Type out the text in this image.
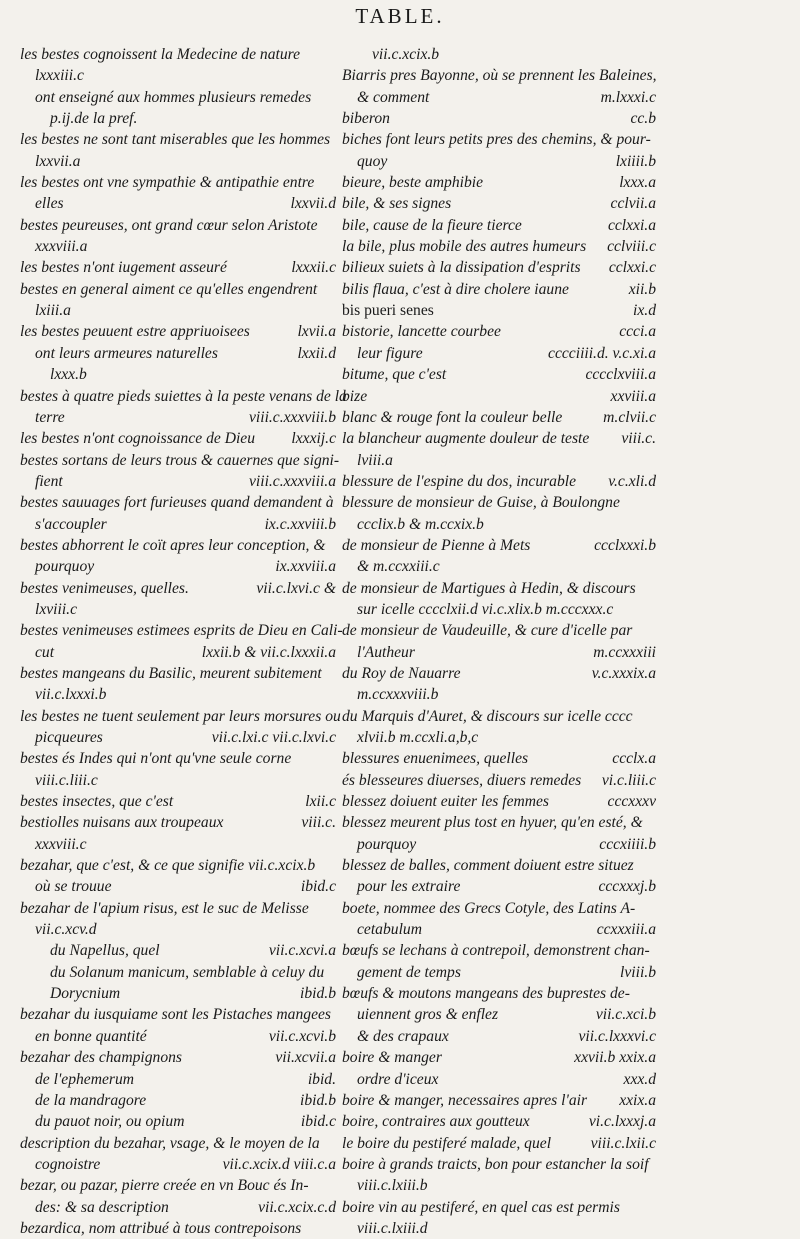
TABLE.
les bestes cognoissent la Medecine de nature
lxxxiii.c
ont enseigné aux hommes plusieurs remedes
p.ij.de la pref.
les bestes ne sont tant miserables que les hommes
lxxvii.a
les bestes ont vne sympathie & antipathie entre
elles	lxxvii.d
bestes peureuses, ont grand cœur selon Aristote
xxxviii.a
les bestes n'ont iugement asseuré	lxxxii.c
bestes en general aiment ce qu'elles engendrent
lxiii.a
les bestes peuuent estre appriuoisees	lxvii.a
ont leurs armeures naturelles	lxxii.d
lxxx.b
bestes à quatre pieds suiettes à la peste venans de la
terre	viii.c.xxxviii.b
les bestes n'ont cognoissance de Dieu lxxxij.c
bestes sortans de leurs trous & cauernes que signi-
fient	viii.c.xxxviii.a
bestes sauuages fort furieuses quand demandent à
s'accoupler	ix.c.xxviii.b
bestes abhorrent le coït apres leur conception, &
pourquoy	ix.xxviii.a
bestes venimeuses, quelles.	vii.c.lxvi.c &
lxviii.c
bestes venimeuses estimees esprits de Dieu en Cali-
cut	lxxii.b & vii.c.lxxxii.a
bestes mangeans du Basilic, meurent subitement
vii.c.lxxxi.b
les bestes ne tuent seulement par leurs morsures ou
picqueures	vii.c.lxi.c vii.c.lxvi.c
bestes és Indes qui n'ont qu'vne seule corne
viii.c.liii.c
bestes insectes, que c'est	lxii.c
bestiolles nuisans aux troupeaux	viii.c.
xxxviii.c
bezahar, que c'est, & ce que signifie vii.c.xcix.b
où se trouue	ibid.c
bezahar de l'apium risus, est le suc de Melisse
vii.c.xcv.d
du Napellus, quel	vii.c.xcvi.a
du Solanum manicum, semblable à celuy du
Dorycnium	ibid.b
bezahar du iusquiame sont les Pistaches mangees
en bonne quantité	vii.c.xcvi.b
bezahar des champignons	vii.xcvii.a
de l'ephemerum	ibid.
de la mandragore	ibid.b
du pauot noir, ou opium	ibid.c
description du bezahar, vsage, & le moyen de la
cognoistre	vii.c.xcix.d viii.c.a
bezar, ou pazar, pierre creée en vn Bouc és In-
des: & sa description	vii.c.xcix.c.d
bezardica, nom attribué à tous contrepoisons
vii.c.xcix.b
Biarris pres Bayonne, où se prennent les Baleines,
& comment	m.lxxxi.c
biberon	cc.b
biches font leurs petits pres des chemins, & pour-
quoy	lxiiii.b
bieure, beste amphibie	lxxx.a
bile, & ses signes	cclvii.a
bile, cause de la fieure tierce	cclxxi.a
la bile, plus mobile des autres humeurs cclviii.c
bilieux suiets à la dissipation d'esprits cclxxi.c
bilis flaua, c'est à dire cholere iaune	xii.b
bis pueri senes	ix.d
bistorie, lancette courbee	ccci.a
leur figure	cccciiii.d. v.c.xi.a
bitume, que c'est	cccclxviii.a
bize	xxviii.a
blanc & rouge font la couleur belle	m.clvii.c
la blancheur augmente douleur de teste viii.c.
lviii.a
blessure de l'espine du dos, incurable v.c.xli.d
blessure de monsieur de Guise, à Boulongne
ccclix.b & m.ccxix.b
de monsieur de Pienne à Mets	ccclxxxi.b
& m.ccxxiii.c
de monsieur de Martigues à Hedin, & discours
sur icelle cccclxii.d vi.c.xlix.b m.cccxxx.c
de monsieur de Vaudeuille, & cure d'icelle par
l'Autheur	m.ccxxxiii
du Roy de Nauarre	v.c.xxxix.a
m.ccxxxviii.b
du Marquis d'Auret, & discours sur icelle cccc
xlvii.b m.ccxli.a,b,c
blessures enuenimees, quelles	ccclx.a
és blesseures diuerses, diuers remedes vi.c.liii.c
blessez doiuent euiter les femmes	cccxxxv
blessez meurent plus tost en hyuer, qu'en esté, &
pourquoy	cccxiiii.b
blessez de balles, comment doiuent estre situez
pour les extraire	cccxxxj.b
boete, nommee des Grecs Cotyle, des Latins A-
cetabulum	ccxxxiii.a
bœufs se lechans à contrepoil, demonstrent chan-
gement de temps	lviii.b
bœufs & moutons mangeans des buprestes de-
uiennent gros & enflez	vii.c.xci.b
& des crapaux	vii.c.lxxxvi.c
boire & manger	xxvii.b xxix.a
ordre d'iceux	xxx.d
boire & manger, necessaires apres l'air xxix.a
boire, contraires aux goutteux	vi.c.lxxxj.a
le boire du pestiferé malade, quel	viii.c.lxii.c
boire à grands traicts, bon pour estancher la soif
viii.c.lxiii.b
boire vin au pestiferé, en quel cas est permis
viii.c.lxiii.d
